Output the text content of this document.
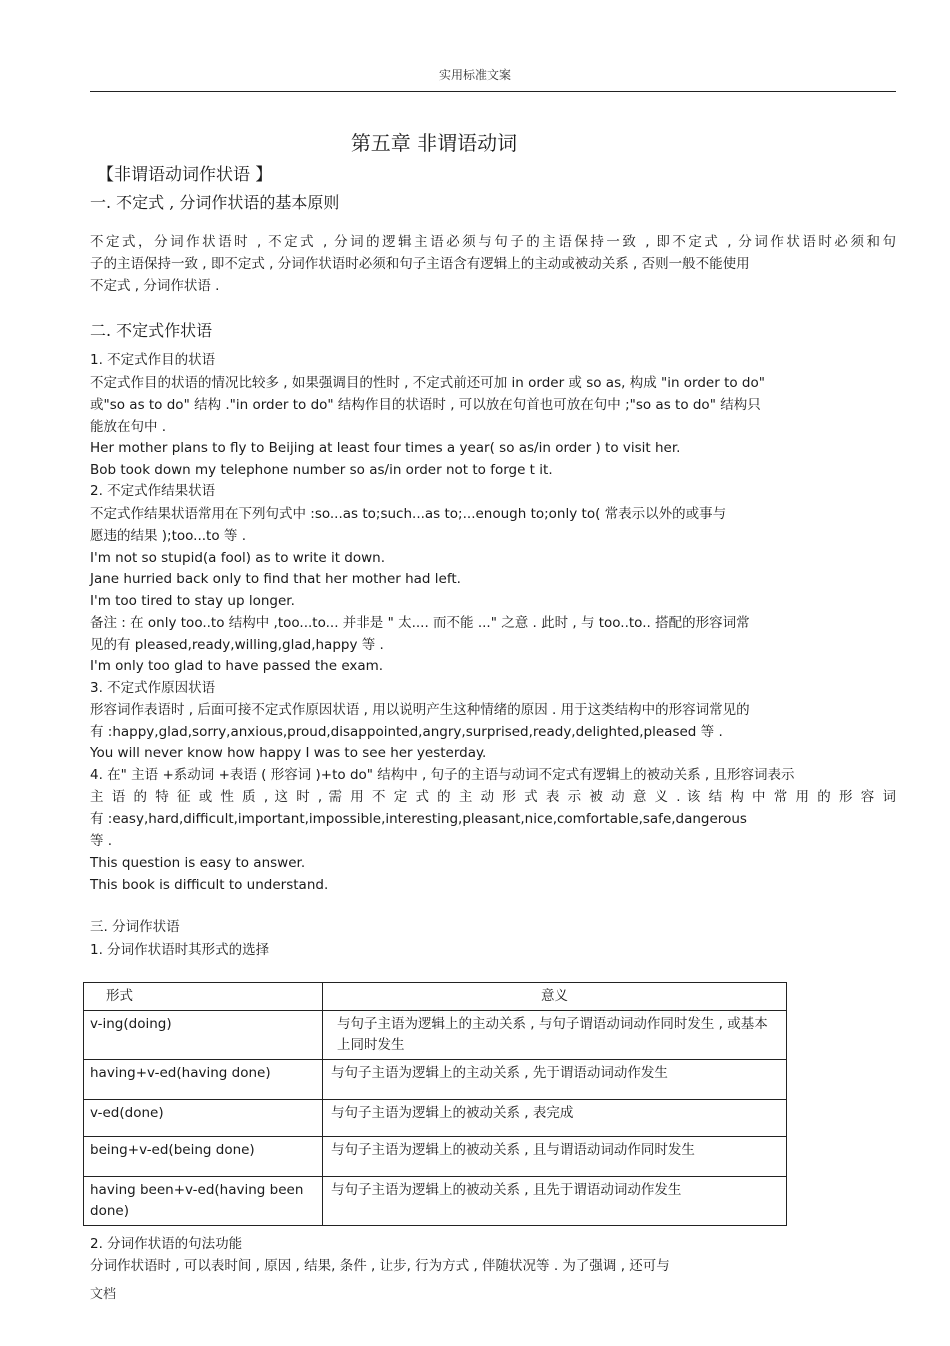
实用标准文案
第五章 非谓语动词
【非谓语动词作状语 】
一. 不定式 , 分词作状语的基本原则
不定式，分词作状语时 , 不定式 , 分词的逻辑主语必须与句子的主语保持一致 , 即不定式 , 分词作状语时必须和句
子的主语保持一致 , 即不定式 , 分词作状语时必须和句子主语含有逻辑上的主动或被动关系 , 否则一般不能使用
不定式 , 分词作状语 .
二. 不定式作状语
1. 不定式作目的状语
不定式作目的状语的情况比较多 , 如果强调目的性时 , 不定式前还可加 in order 或 so as, 构成 "in order to do"
或"so as to do" 结构 ."in order to do" 结构作目的状语时 , 可以放在句首也可放在句中 ;"so as to do" 结构只
能放在句中 .
Her mother plans to fly to Beijing at least four times a year( so as/in order ) to visit her.
Bob took down my telephone number so as/in order not to forge t it.
2. 不定式作结果状语
不定式作结果状语常用在下列句式中 :so...as to;such...as to;...enough to;only to( 常表示以外的或事与
愿违的结果 );too...to 等 .
I'm not so stupid(a fool) as to write it down.
Jane hurried back only to find that her mother had left.
I'm too tired to stay up longer.
备注 : 在 only too..to 结构中 ,too...to... 并非是 " 太.... 而不能 ..." 之意 . 此时 , 与 too..to.. 搭配的形容词常
见的有 pleased,ready,willing,glad,happy 等 .
I'm only too glad to have passed the exam.
3. 不定式作原因状语
形容词作表语时 , 后面可接不定式作原因状语 , 用以说明产生这种情绪的原因 . 用于这类结构中的形容词常见的
有 :happy,glad,sorry,anxious,proud,disappointed,angry,surprised,ready,delighted,pleased 等 .
You will never know how happy I was to see her yesterday.
4. 在" 主语 +系动词 +表语 ( 形容词 )+to do" 结构中 , 句子的主语与动词不定式有逻辑上的被动关系 , 且形容词表示
主 语 的 特 征 或 性 质 , 这 时 , 需 用 不 定 式 的 主 动 形 式 表 示 被 动 意 义 . 该 结 构 中 常 用 的 形 容 词
有 :easy,hard,difficult,important,impossible,interesting,pleasant,nice,comfortable,safe,dangerous
等 .
This question is easy to answer.
This book is difficult to understand.
三. 分词作状语
1. 分词作状语时其形式的选择
形式	意义
v-ing(doing)	与句子主语为逻辑上的主动关系 , 与句子谓语动词动作同时发生 , 或基本上同时发生
having+v-ed(having done)	与句子主语为逻辑上的主动关系 , 先于谓语动词动作发生
v-ed(done)	与句子主语为逻辑上的被动关系 , 表完成
being+v-ed(being done)	与句子主语为逻辑上的被动关系 , 且与谓语动词动作同时发生
having been+v-ed(having been done)	与句子主语为逻辑上的被动关系 , 且先于谓语动词动作发生
2. 分词作状语的句法功能
分词作状语时 , 可以表时间 , 原因 , 结果, 条件 , 让步, 行为方式 , 伴随状况等 . 为了强调 , 还可与
文档
